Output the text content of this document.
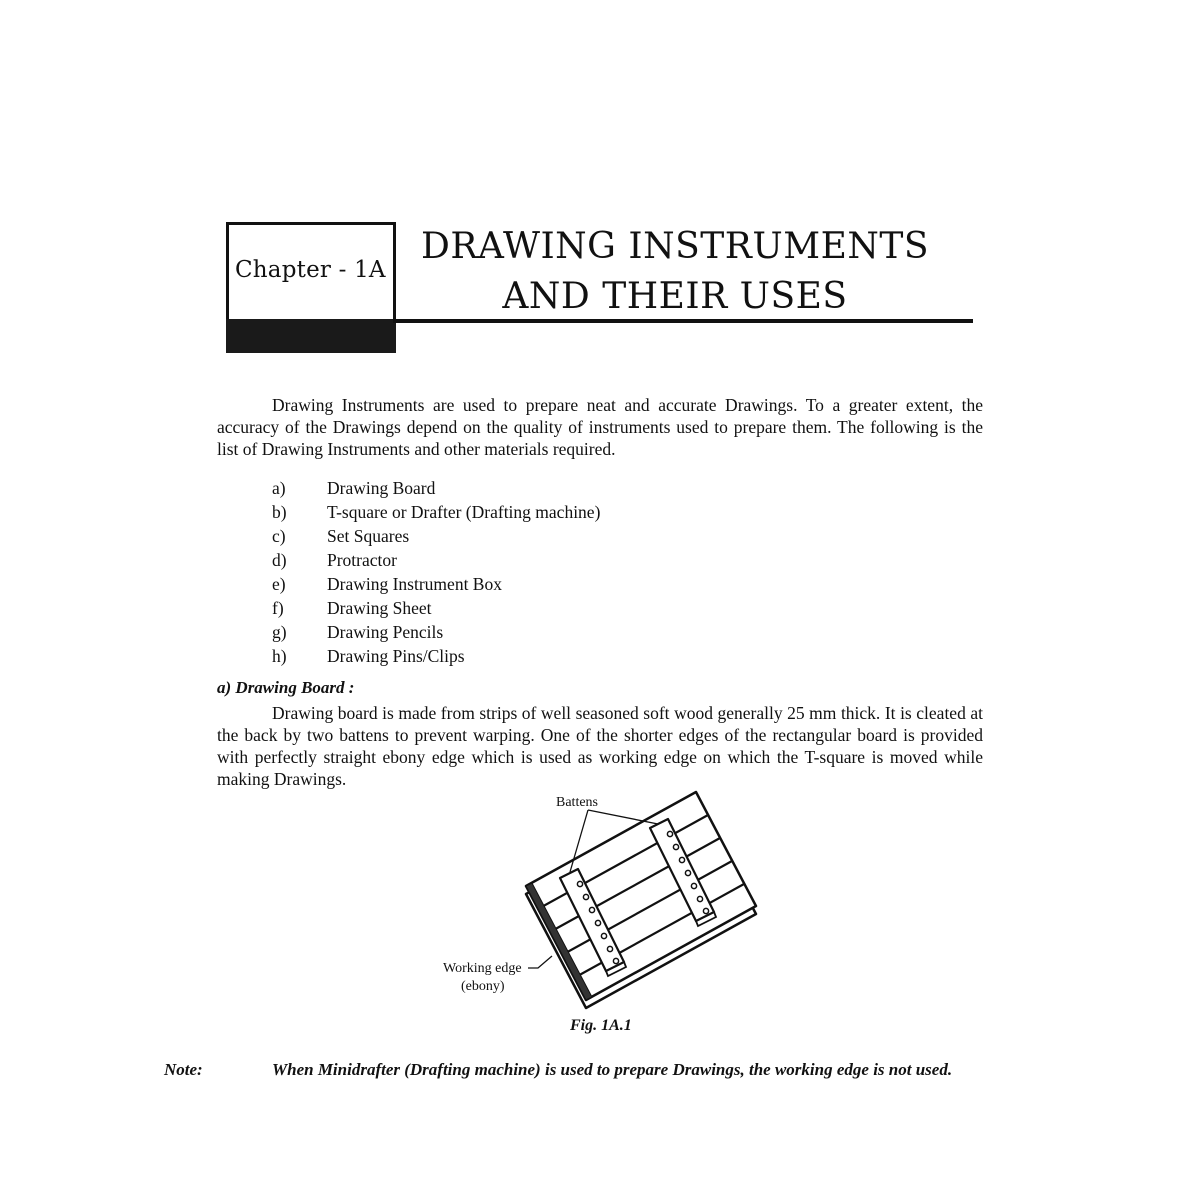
Chapter - 1A
DRAWING INSTRUMENTS
AND THEIR USES

Drawing Instruments are used to prepare neat and accurate Drawings. To a greater extent, the accuracy of the Drawings depend on the quality of instruments used to prepare them. The following is the list of Drawing Instruments and other materials required.

a) Drawing Board
b) T-square or Drafter (Drafting machine)
c) Set Squares
d) Protractor
e) Drawing Instrument Box
f) Drawing Sheet
g) Drawing Pencils
h) Drawing Pins/Clips
a) Drawing Board :

Drawing board is made from strips of well seasoned soft wood generally 25 mm thick. It is cleated at the back by two battens to prevent warping. One of the shorter edges of the rectangular board is provided with perfectly straight ebony edge which is used as working edge on which the T-square is moved while making Drawings.

Battens
Working edge
(ebony)
Fig. 1A.1
Note:	When Minidrafter (Drafting machine) is used to prepare Drawings, the working edge is not used.
